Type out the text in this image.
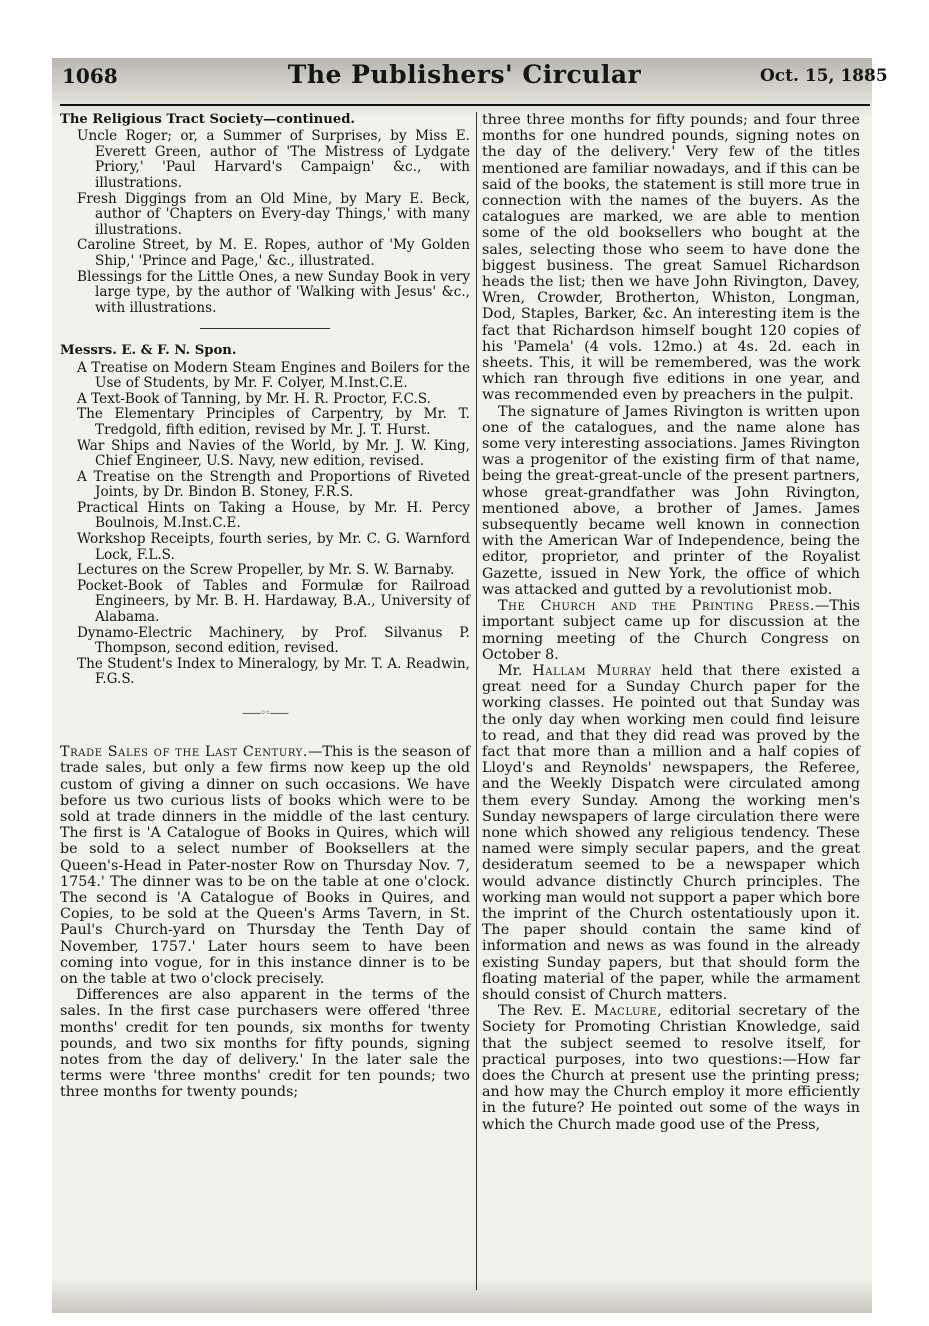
1068	The Publishers' Circular	Oct. 15, 1885
The Religious Tract Society—continued.
Uncle Roger; or, a Summer of Surprises, by Miss E. Everett Green, author of 'The Mistress of Lydgate Priory,' 'Paul Harvard's Campaign' &c., with illustrations.
Fresh Diggings from an Old Mine, by Mary E. Beck, author of 'Chapters on Every-day Things,' with many illustrations.
Caroline Street, by M. E. Ropes, author of 'My Golden Ship,' 'Prince and Page,' &c., illustrated.
Blessings for the Little Ones, a new Sunday Book in very large type, by the author of 'Walking with Jesus' &c., with illustrations.
Messrs. E. & F. N. Spon.
A Treatise on Modern Steam Engines and Boilers for the Use of Students, by Mr. F. Colyer, M.Inst.C.E.
A Text-Book of Tanning, by Mr. H. R. Proctor, F.C.S.
The Elementary Principles of Carpentry, by Mr. T. Tredgold, fifth edition, revised by Mr. J. T. Hurst.
War Ships and Navies of the World, by Mr. J. W. King, Chief Engineer, U.S. Navy, new edition, revised.
A Treatise on the Strength and Proportions of Riveted Joints, by Dr. Bindon B. Stoney, F.R.S.
Practical Hints on Taking a House, by Mr. H. Percy Boulnois, M.Inst.C.E.
Workshop Receipts, fourth series, by Mr. C. G. Warnford Lock, F.L.S.
Lectures on the Screw Propeller, by Mr. S. W. Barnaby.
Pocket-Book of Tables and Formulæ for Railroad Engineers, by Mr. B. H. Hardaway, B.A., University of Alabama.
Dynamo-Electric Machinery, by Prof. Silvanus P. Thompson, second edition, revised.
The Student's Index to Mineralogy, by Mr. T. A. Readwin, F.G.S.
——◦◦——

Trade Sales of the Last Century.—This is the season of trade sales, but only a few firms now keep up the old custom of giving a dinner on such occasions. We have before us two curious lists of books which were to be sold at trade dinners in the middle of the last century. The first is 'A Catalogue of Books in Quires, which will be sold to a select number of Booksellers at the Queen's-Head in Pater-noster Row on Thursday Nov. 7, 1754.' The dinner was to be on the table at one o'clock. The second is 'A Catalogue of Books in Quires, and Copies, to be sold at the Queen's Arms Tavern, in St. Paul's Church-yard on Thursday the Tenth Day of November, 1757.' Later hours seem to have been coming into vogue, for in this instance dinner is to be on the table at two o'clock precisely.

Differences are also apparent in the terms of the sales. In the first case purchasers were offered 'three months' credit for ten pounds, six months for twenty pounds, and two six months for fifty pounds, signing notes from the day of delivery.' In the later sale the terms were 'three months' credit for ten pounds; two three months for twenty pounds;

three three months for fifty pounds; and four three months for one hundred pounds, signing notes on the day of the delivery.' Very few of the titles mentioned are familiar nowadays, and if this can be said of the books, the statement is still more true in connection with the names of the buyers. As the catalogues are marked, we are able to mention some of the old booksellers who bought at the sales, selecting those who seem to have done the biggest business. The great Samuel Richardson heads the list; then we have John Rivington, Davey, Wren, Crowder, Brotherton, Whiston, Longman, Dod, Staples, Barker, &c. An interesting item is the fact that Richardson himself bought 120 copies of his 'Pamela' (4 vols. 12mo.) at 4s. 2d. each in sheets. This, it will be remembered, was the work which ran through five editions in one year, and was recommended even by preachers in the pulpit.

The signature of James Rivington is written upon one of the catalogues, and the name alone has some very interesting associations. James Rivington was a progenitor of the existing firm of that name, being the great-great-uncle of the present partners, whose great-grandfather was John Rivington, mentioned above, a brother of James. James subsequently became well known in connection with the American War of Independence, being the editor, proprietor, and printer of the Royalist Gazette, issued in New York, the office of which was attacked and gutted by a revolutionist mob.

The Church and the Printing Press.—This important subject came up for discussion at the morning meeting of the Church Congress on October 8.

Mr. Hallam Murray held that there existed a great need for a Sunday Church paper for the working classes. He pointed out that Sunday was the only day when working men could find leisure to read, and that they did read was proved by the fact that more than a million and a half copies of Lloyd's and Reynolds' newspapers, the Referee, and the Weekly Dispatch were circulated among them every Sunday. Among the working men's Sunday newspapers of large circulation there were none which showed any religious tendency. These named were simply secular papers, and the great desideratum seemed to be a newspaper which would advance distinctly Church principles. The working man would not support a paper which bore the imprint of the Church ostentatiously upon it. The paper should contain the same kind of information and news as was found in the already existing Sunday papers, but that should form the floating material of the paper, while the armament should consist of Church matters.

The Rev. E. Maclure, editorial secretary of the Society for Promoting Christian Knowledge, said that the subject seemed to resolve itself, for practical purposes, into two questions:—How far does the Church at present use the printing press; and how may the Church employ it more efficiently in the future? He pointed out some of the ways in which the Church made good use of the Press,
